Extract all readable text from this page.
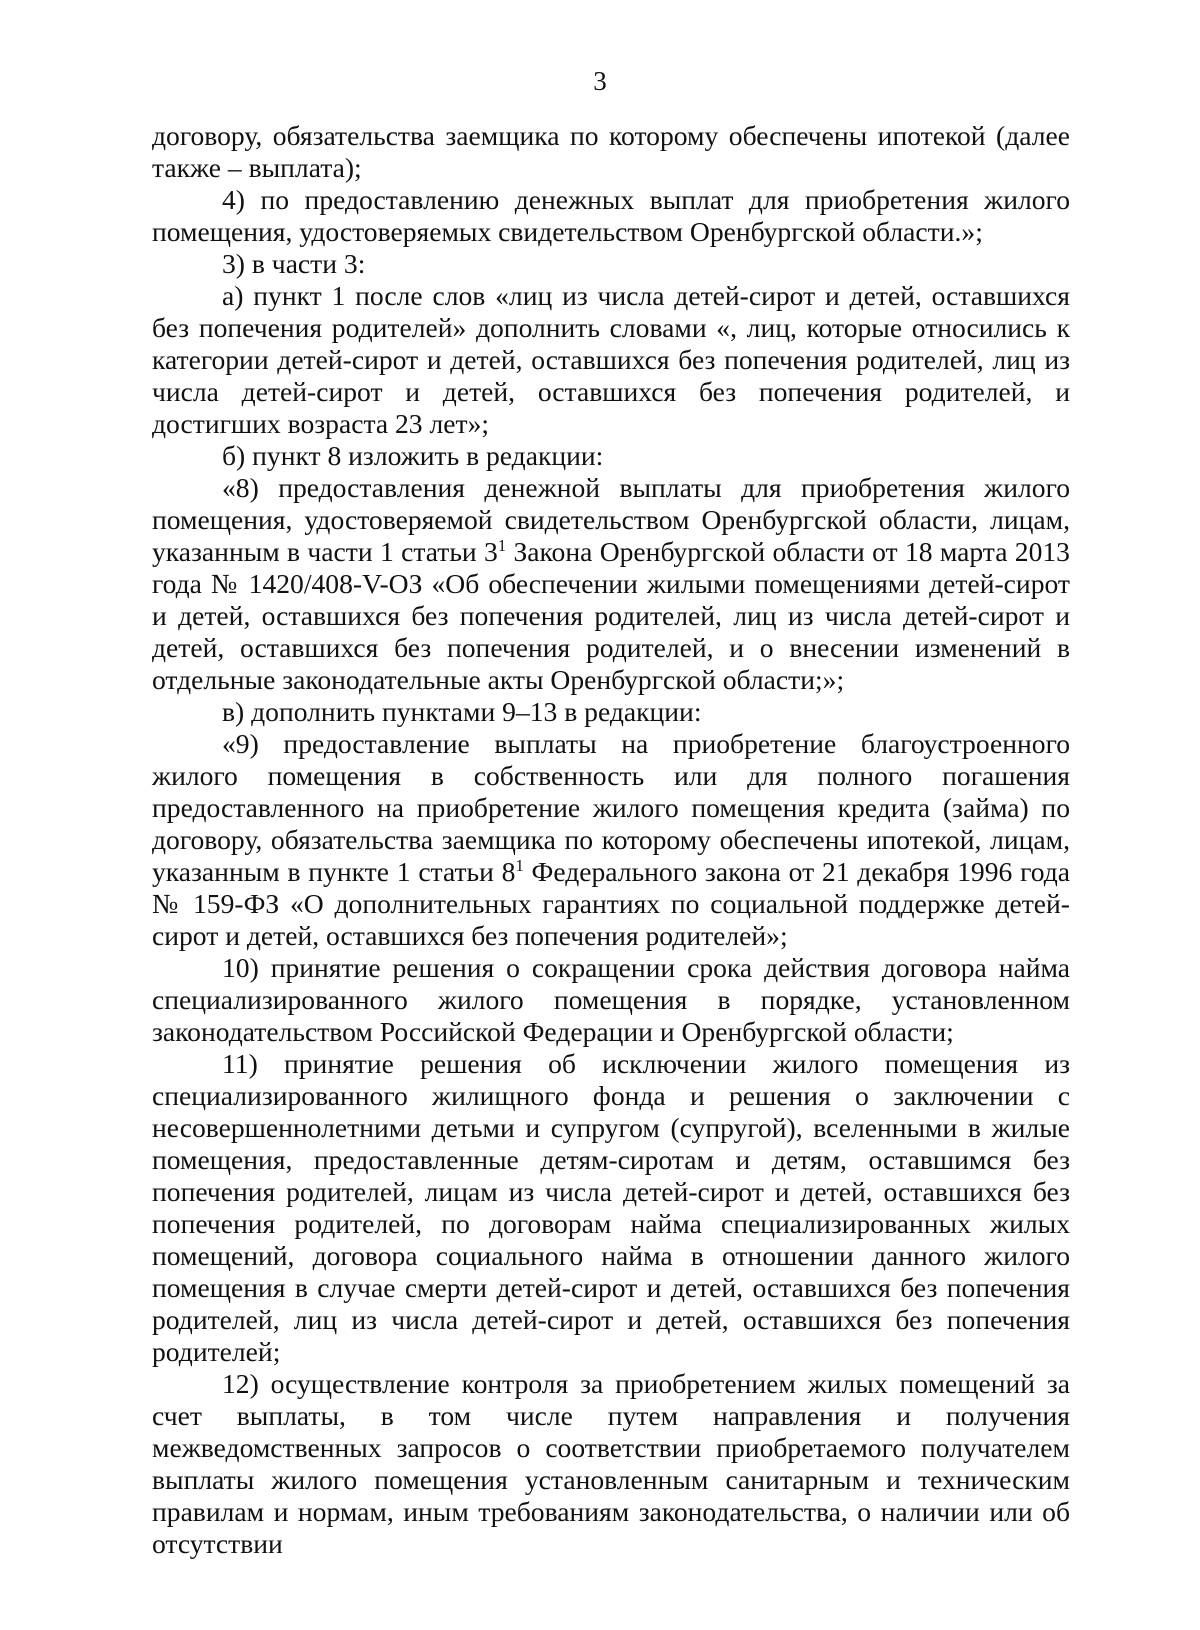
3

договору, обязательства заемщика по которому обеспечены ипотекой (далее также – выплата);

4) по предоставлению денежных выплат для приобретения жилого помещения, удостоверяемых свидетельством Оренбургской области.»;

3) в части 3:

а) пункт 1 после слов «лиц из числа детей-сирот и детей, оставшихся без попечения родителей» дополнить словами «, лиц, которые относились к категории детей-сирот и детей, оставшихся без попечения родителей, лиц из числа детей-сирот и детей, оставшихся без попечения родителей, и достигших возраста 23 лет»;

б) пункт 8 изложить в редакции:

«8) предоставления денежной выплаты для приобретения жилого помещения, удостоверяемой свидетельством Оренбургской области, лицам, указанным в части 1 статьи $3^1$ Закона Оренбургской области от 18 марта 2013 года № 1420/408-V-ОЗ «Об обеспечении жилыми помещениями детей-сирот и детей, оставшихся без попечения родителей, лиц из числа детей-сирот и детей, оставшихся без попечения родителей, и о внесении изменений в отдельные законодательные акты Оренбургской области;»;

в) дополнить пунктами 9–13 в редакции:

«9) предоставление выплаты на приобретение благоустроенного жилого помещения в собственность или для полного погашения предоставленного на приобретение жилого помещения кредита (займа) по договору, обязательства заемщика по которому обеспечены ипотекой, лицам, указанным в пункте 1 статьи $8^1$ Федерального закона от 21 декабря 1996 года № 159-ФЗ «О дополнительных гарантиях по социальной поддержке детей-сирот и детей, оставшихся без попечения родителей»;

10) принятие решения о сокращении срока действия договора найма специализированного жилого помещения в порядке, установленном законодательством Российской Федерации и Оренбургской области;

11) принятие решения об исключении жилого помещения из специализированного жилищного фонда и решения о заключении с несовершеннолетними детьми и супругом (супругой), вселенными в жилые помещения, предоставленные детям-сиротам и детям, оставшимся без попечения родителей, лицам из числа детей-сирот и детей, оставшихся без попечения родителей, по договорам найма специализированных жилых помещений, договора социального найма в отношении данного жилого помещения в случае смерти детей-сирот и детей, оставшихся без попечения родителей, лиц из числа детей-сирот и детей, оставшихся без попечения родителей;

12) осуществление контроля за приобретением жилых помещений за счет выплаты, в том числе путем направления и получения межведомственных запросов о соответствии приобретаемого получателем выплаты жилого помещения установленным санитарным и техническим правилам и нормам, иным требованиям законодательства, о наличии или об отсутствии
